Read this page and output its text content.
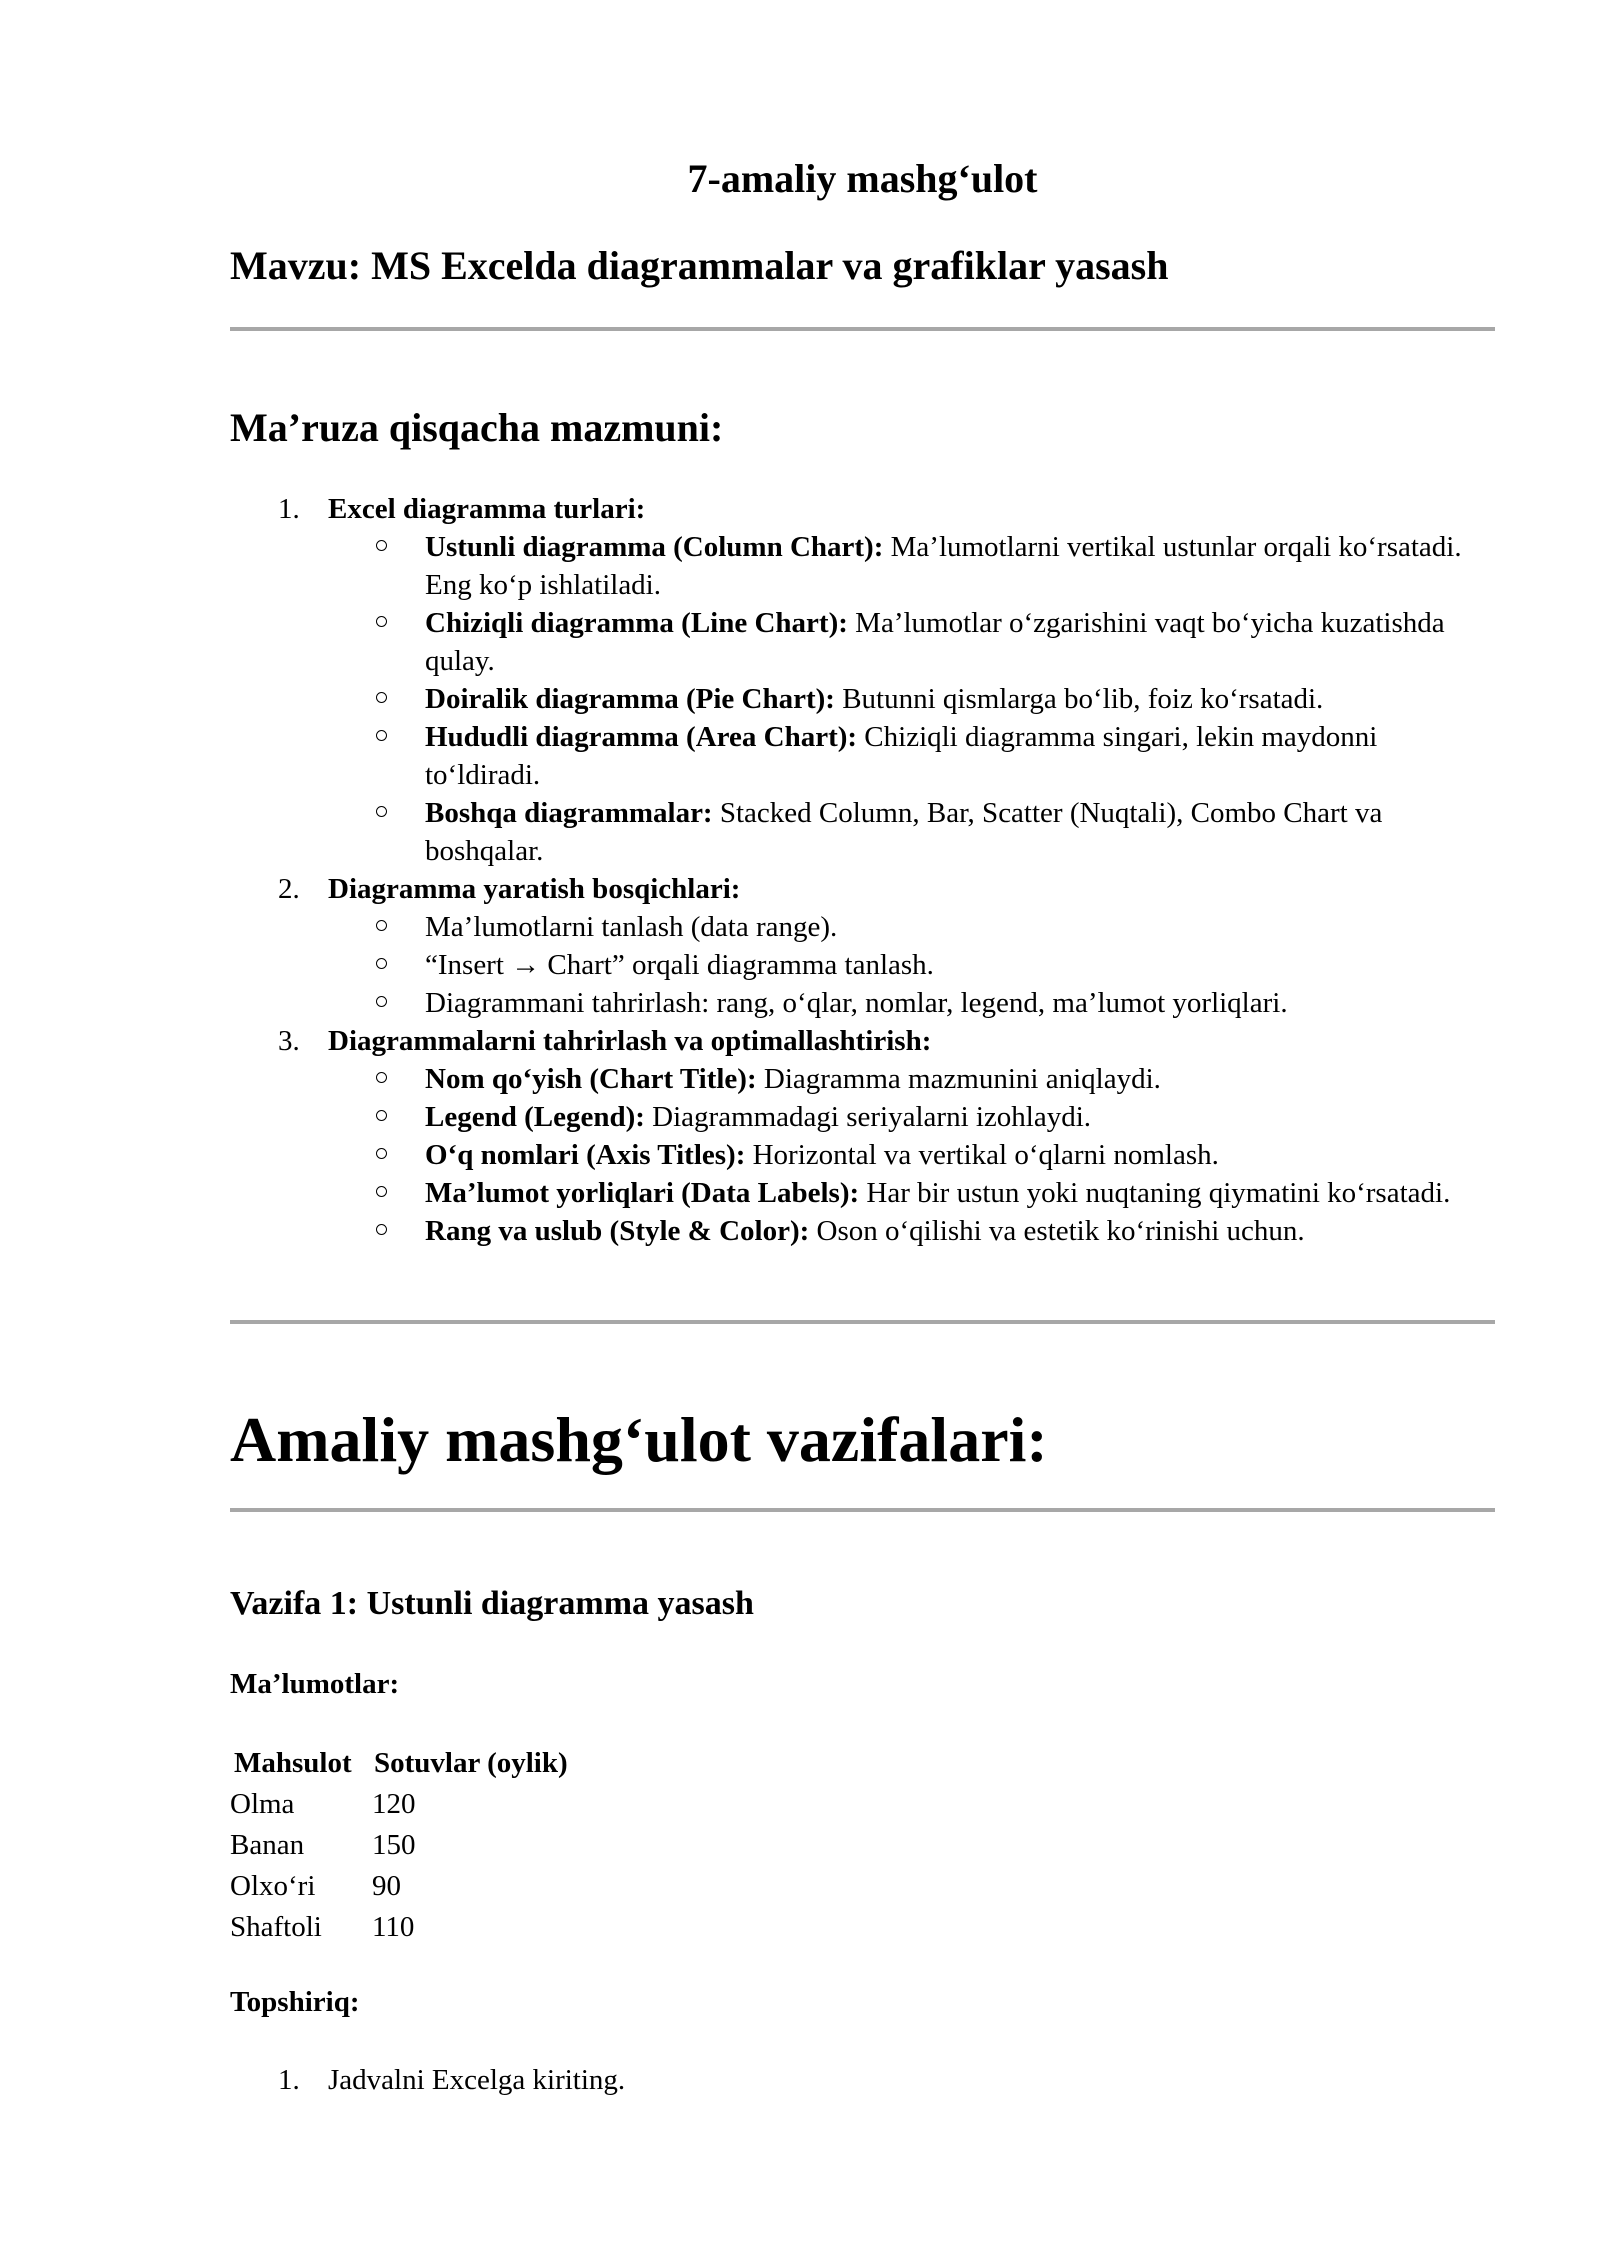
7-amaliy mashg‘ulot
Mavzu: MS Excelda diagrammalar va grafiklar yasash
Ma’ruza qisqacha mazmuni:
1. Excel diagramma turlari:
Ustunli diagramma (Column Chart): Ma’lumotlarni vertikal ustunlar orqali ko‘rsatadi. Eng ko‘p ishlatiladi.
Chiziqli diagramma (Line Chart): Ma’lumotlar o‘zgarishini vaqt bo‘yicha kuzatishda qulay.
Doiralik diagramma (Pie Chart): Butunni qismlarga bo‘lib, foiz ko‘rsatadi.
Hududli diagramma (Area Chart): Chiziqli diagramma singari, lekin maydonni to‘ldiradi.
Boshqa diagrammalar: Stacked Column, Bar, Scatter (Nuqtali), Combo Chart va boshqalar.
2. Diagramma yaratish bosqichlari:
Ma’lumotlarni tanlash (data range).
“Insert → Chart” orqali diagramma tanlash.
Diagrammani tahrirlash: rang, o‘qlar, nomlar, legend, ma’lumot yorliqlari.
3. Diagrammalarni tahrirlash va optimallashtirish:
Nom qo‘yish (Chart Title): Diagramma mazmunini aniqlaydi.
Legend (Legend): Diagrammadagi seriyalarni izohlaydi.
O‘q nomlari (Axis Titles): Horizontal va vertikal o‘qlarni nomlash.
Ma’lumot yorliqlari (Data Labels): Har bir ustun yoki nuqtaning qiymatini ko‘rsatadi.
Rang va uslub (Style & Color): Oson o‘qilishi va estetik ko‘rinishi uchun.
Amaliy mashg‘ulot vazifalari:
Vazifa 1: Ustunli diagramma yasash
Ma’lumotlar:
Mahsulot	Sotuvlar (oylik)
Olma	120
Banan	150
Olxo‘ri	90
Shaftoli	110
Topshiriq:
1. Jadvalni Excelga kiriting.
